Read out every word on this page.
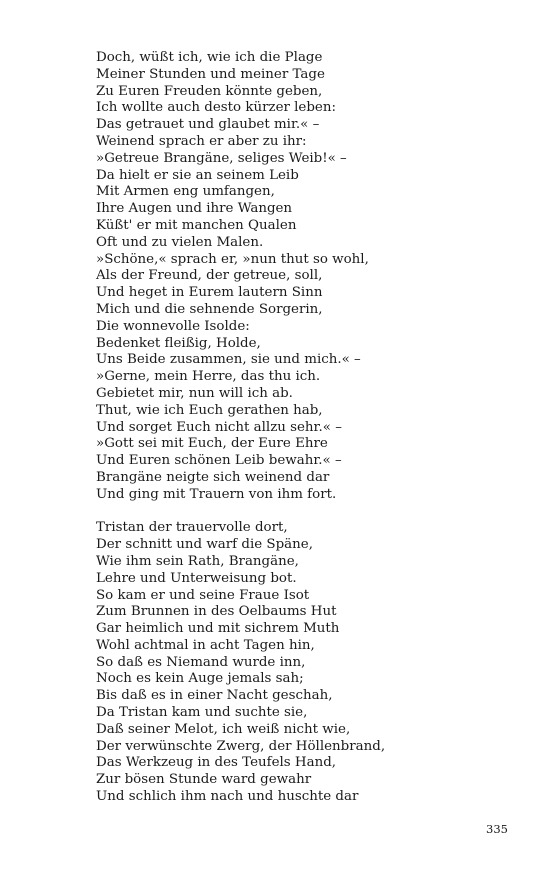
Doch, wüßt ich, wie ich die Plage
Meiner Stunden und meiner Tage
Zu Euren Freuden könnte geben,
Ich wollte auch desto kürzer leben:
Das getrauet und glaubet mir.« –
Weinend sprach er aber zu ihr:
»Getreue Brangäne, seliges Weib!« –
Da hielt er sie an seinem Leib
Mit Armen eng umfangen,
Ihre Augen und ihre Wangen
Küßt' er mit manchen Qualen
Oft und zu vielen Malen.
»Schöne,« sprach er, »nun thut so wohl,
Als der Freund, der getreue, soll,
Und heget in Eurem lautern Sinn
Mich und die sehnende Sorgerin,
Die wonnevolle Isolde:
Bedenket fleißig, Holde,
Uns Beide zusammen, sie und mich.« –
»Gerne, mein Herre, das thu ich.
Gebietet mir, nun will ich ab.
Thut, wie ich Euch gerathen hab,
Und sorget Euch nicht allzu sehr.« –
»Gott sei mit Euch, der Eure Ehre
Und Euren schönen Leib bewahr.« –
Brangäne neigte sich weinend dar
Und ging mit Trauern von ihm fort.
Tristan der trauervolle dort,
Der schnitt und warf die Späne,
Wie ihm sein Rath, Brangäne,
Lehre und Unterweisung bot.
So kam er und seine Fraue Isot
Zum Brunnen in des Oelbaums Hut
Gar heimlich und mit sichrem Muth
Wohl achtmal in acht Tagen hin,
So daß es Niemand wurde inn,
Noch es kein Auge jemals sah;
Bis daß es in einer Nacht geschah,
Da Tristan kam und suchte sie,
Daß seiner Melot, ich weiß nicht wie,
Der verwünschte Zwerg, der Höllenbrand,
Das Werkzeug in des Teufels Hand,
Zur bösen Stunde ward gewahr
Und schlich ihm nach und huschte dar
335
